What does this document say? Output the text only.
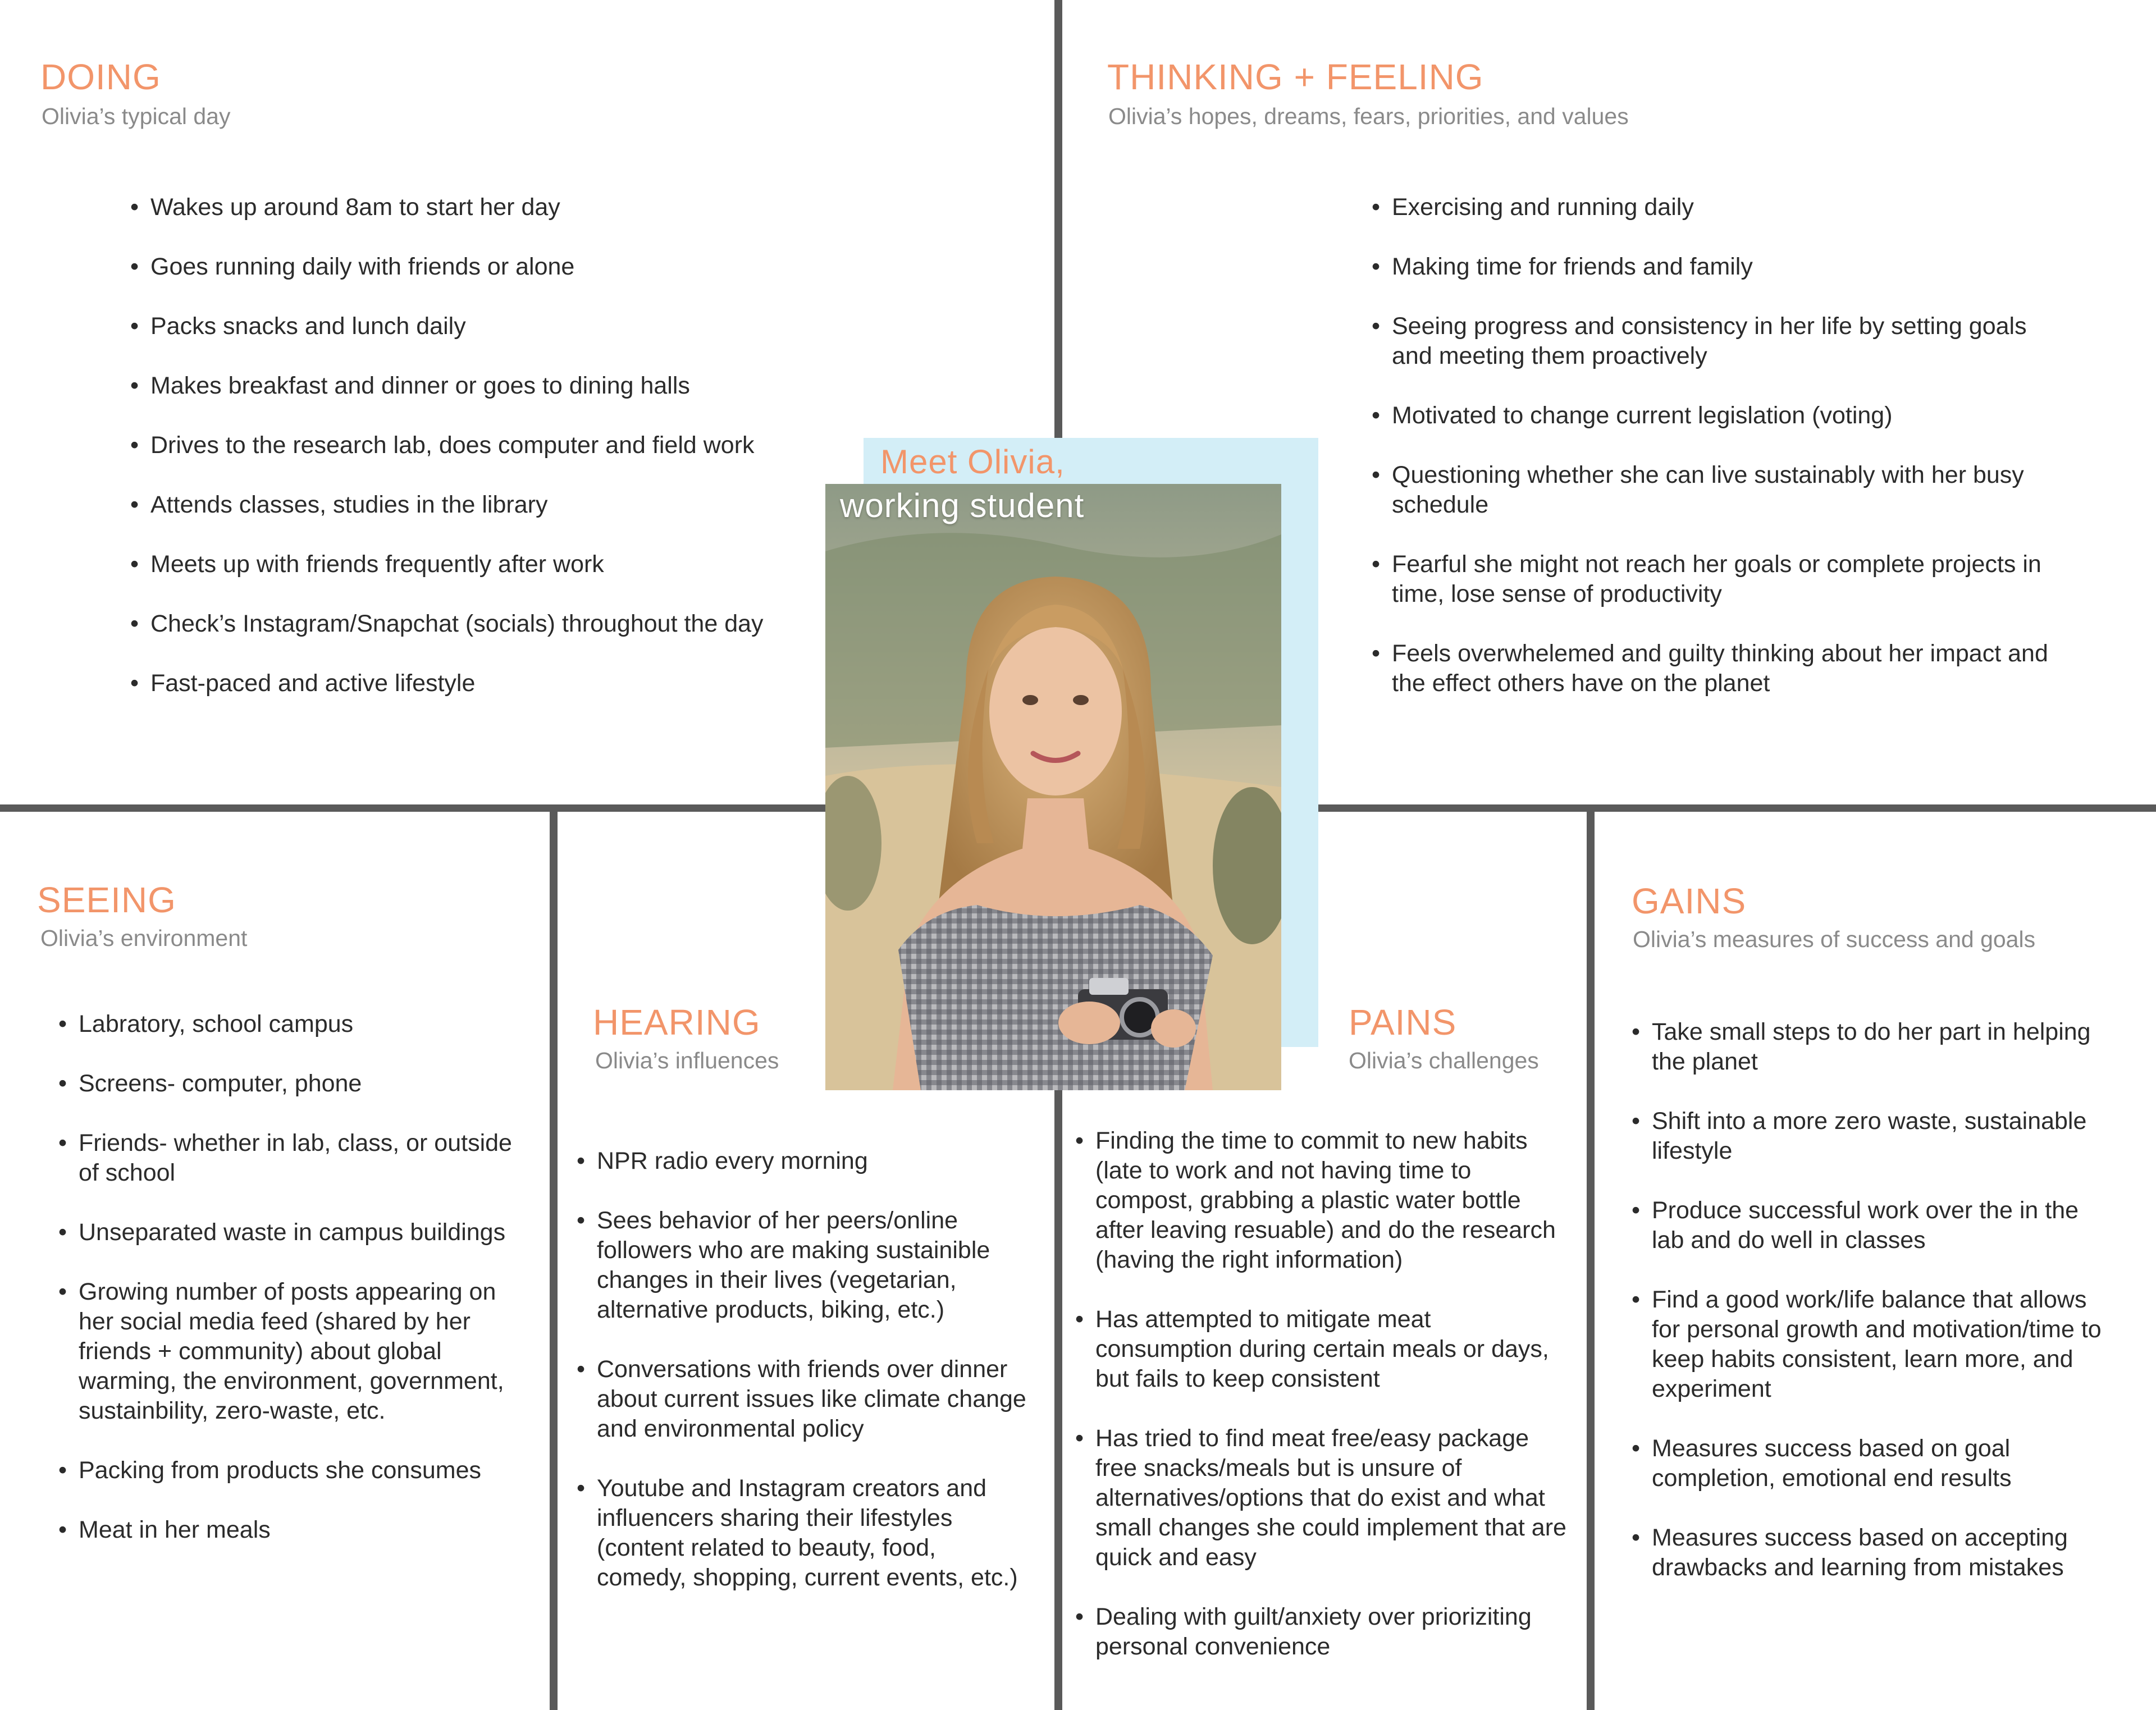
DOING

Olivia’s typical day

• Wakes up around 8am to start her day
• Goes running daily with friends or alone
• Packs snacks and lunch daily
• Makes breakfast and dinner or goes to dining halls
• Drives to the research lab, does computer and field work
• Attends classes, studies in the library
• Meets up with friends frequently after work
• Check’s Instagram/Snapchat (socials) throughout the day
• Fast-paced and active lifestyle
THINKING + FEELING

Olivia’s hopes, dreams, fears, priorities, and values

• Exercising and running daily
• Making time for friends and family
• Seeing progress and consistency in her life by setting goals and meeting them proactively
• Motivated to change current legislation (voting)
• Questioning whether she can live sustainably with her busy schedule
• Fearful she might not reach her goals or complete projects in time, lose sense of productivity
• Feels overwhelemed and guilty thinking about her impact and the effect others have on the planet

Meet Olivia,

working student

SEEING

Olivia’s environment

• Labratory, school campus
• Screens- computer, phone
• Friends- whether in lab, class, or outside of school
• Unseparated waste in campus buildings
• Growing number of posts appearing on her social media feed (shared by her friends + community) about global warming, the environment, government, sustainbility, zero-waste, etc.
• Packing from products she consumes
• Meat in her meals
HEARING

Olivia’s influences

• NPR radio every morning
• Sees behavior of her peers/online followers who are making sustainible changes in their lives (vegetarian, alternative products, biking, etc.)
• Conversations with friends over dinner about current issues like climate change and environmental policy
• Youtube and Instagram creators and influencers sharing their lifestyles (content related to beauty, food, comedy, shopping, current events, etc.)
PAINS

Olivia’s challenges

• Finding the time to commit to new habits (late to work and not having time to compost, grabbing a plastic water bottle after leaving resuable) and do the research (having the right information)
• Has attempted to mitigate meat consumption during certain meals or days, but fails to keep consistent
• Has tried to find meat free/easy package free snacks/meals but is unsure of alternatives/options that do exist and what small changes she could implement that are quick and easy
• Dealing with guilt/anxiety over prioriziting personal convenience
GAINS

Olivia’s measures of success and goals

• Take small steps to do her part in helping the planet
• Shift into a more zero waste, sustainable lifestyle
• Produce successful work over the in the lab and do well in classes
• Find a good work/life balance that allows for personal growth and motivation/time to keep habits consistent, learn more, and experiment
• Measures success based on goal completion, emotional end results
• Measures success based on accepting drawbacks and learning from mistakes
